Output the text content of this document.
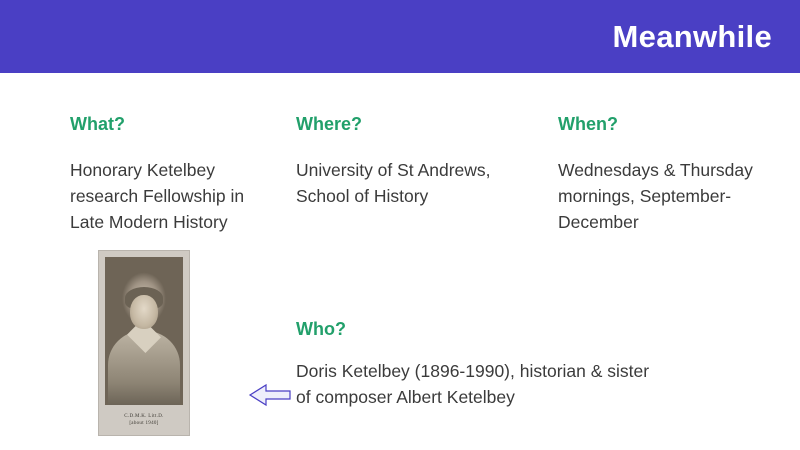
Meanwhile

What?

Honorary Ketelbey research Fellowship in Late Modern History

Where?

University of St Andrews, School of History

When?

Wednesdays & Thursday mornings, September-December

Who?

Doris Ketelbey (1896-1990), historian & sister of composer Albert Ketelbey

C.D.M.K. Litt.D.
[about 1940]
